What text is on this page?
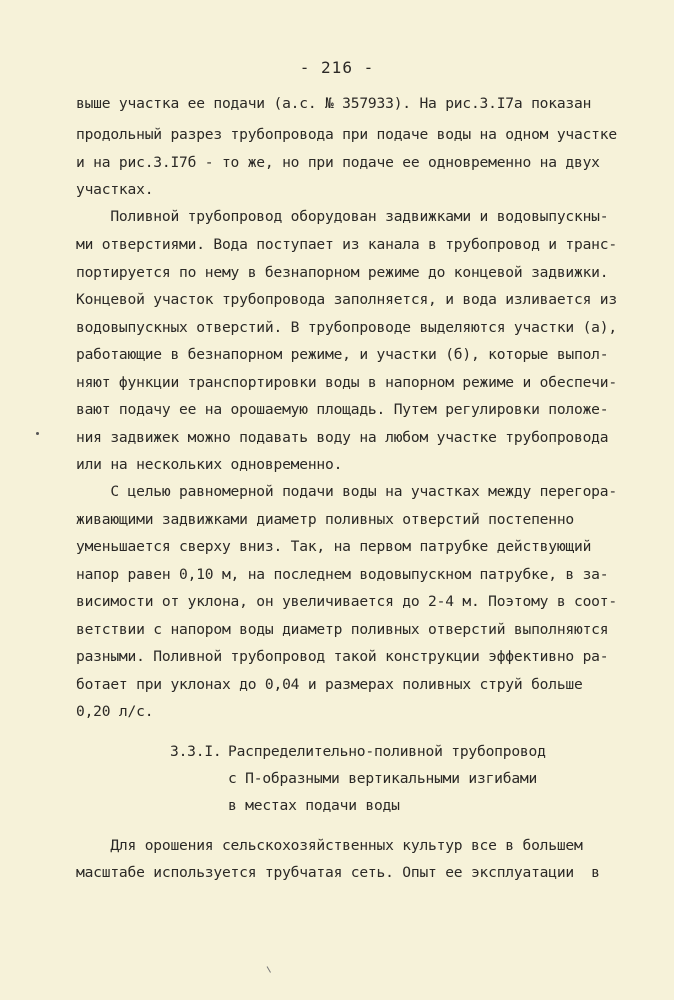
- 216 -
выше участка ее подачи (а.с. № 357933). На рис.3.I7а показан
продольный разрез трубопровода при подаче воды на одном участке
и на рис.3.I7б - то же, но при подаче ее одновременно на двух
участках.
Поливной трубопровод оборудован задвижками и водовыпускны-
ми отверстиями. Вода поступает из канала в трубопровод и транс-
портируется по нему в безнапорном режиме до концевой задвижки.
Концевой участок трубопровода заполняется, и вода изливается из
водовыпускных отверстий. В трубопроводе выделяются участки (а),
работающие в безнапорном режиме, и участки (б), которые выпол-
няют функции транспортировки воды в напорном режиме и обеспечи-
вают подачу ее на орошаемую площадь. Путем регулировки положе-
ния задвижек можно подавать воду на любом участке трубопровода
или на нескольких одновременно.
С целью равномерной подачи воды на участках между перегора-
живающими задвижками диаметр поливных отверстий постепенно
уменьшается сверху вниз. Так, на первом патрубке действующий
напор равен 0,10 м, на последнем водовыпускном патрубке, в за-
висимости от уклона, он увеличивается до 2-4 м. Поэтому в соот-
ветствии с напором воды диаметр поливных отверстий выполняются
разными. Поливной трубопровод такой конструкции эффективно ра-
ботает при уклонах до 0,04 и размерах поливных струй больше
0,20 л/с.
3.3.I. Распределительно-поливной трубопровод
с П-образными вертикальными изгибами
в местах подачи воды
Для орошения сельскохозяйственных культур все в большем
масштабе используется трубчатая сеть. Опыт ее эксплуатации  в
